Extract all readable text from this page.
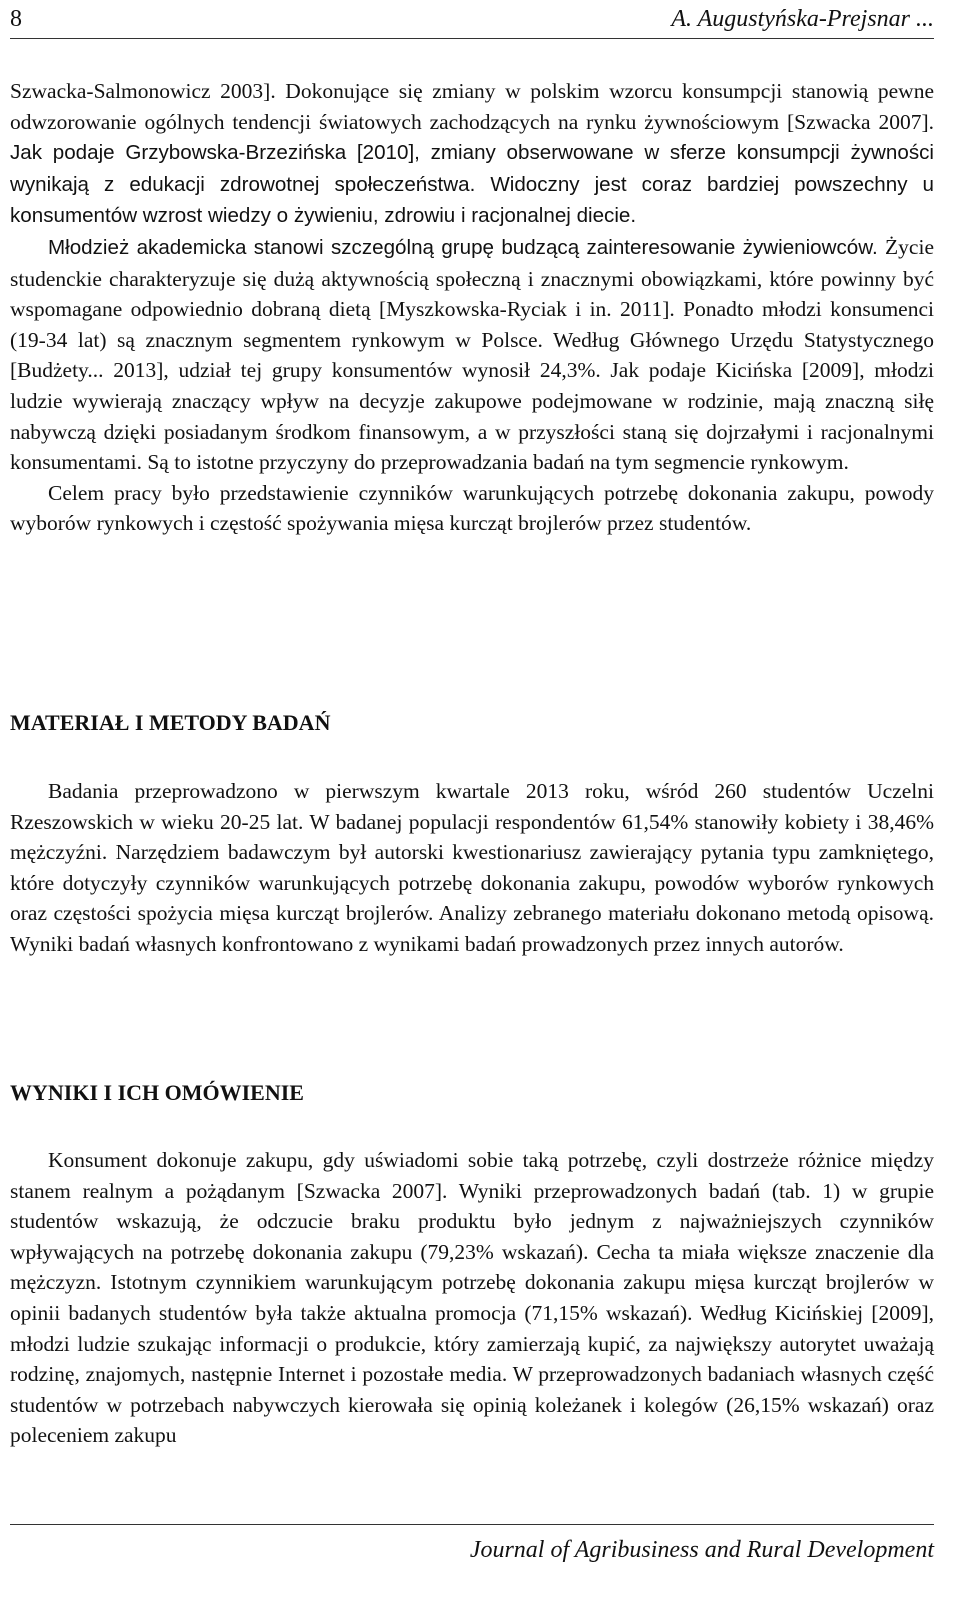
8	A. Augustyńska-Prejsnar ...

Szwacka-Salmonowicz 2003]. Dokonujące się zmiany w polskim wzorcu konsumpcji stanowią pewne odwzorowanie ogólnych tendencji światowych zachodzących na rynku żywnościowym [Szwacka 2007]. Jak podaje Grzybowska-Brzezińska [2010], zmiany obserwowane w sferze konsumpcji żywności wynikają z edukacji zdrowotnej społeczeństwa. Widoczny jest coraz bardziej powszechny u konsumentów wzrost wiedzy o żywieniu, zdrowiu i racjonalnej diecie.

Młodzież akademicka stanowi szczególną grupę budzącą zainteresowanie żywieniowców. Życie studenckie charakteryzuje się dużą aktywnością społeczną i znacznymi obowiązkami, które powinny być wspomagane odpowiednio dobraną dietą [Myszkowska-Ryciak i in. 2011]. Ponadto młodzi konsumenci (19-34 lat) są znacznym segmentem rynkowym w Polsce. Według Głównego Urzędu Statystycznego [Budżety... 2013], udział tej grupy konsumentów wynosił 24,3%. Jak podaje Kicińska [2009], młodzi ludzie wywierają znaczący wpływ na decyzje zakupowe podejmowane w rodzinie, mają znaczną siłę nabywczą dzięki posiadanym środkom finansowym, a w przyszłości staną się dojrzałymi i racjonalnymi konsumentami. Są to istotne przyczyny do przeprowadzania badań na tym segmencie rynkowym.

Celem pracy było przedstawienie czynników warunkujących potrzebę dokonania zakupu, powody wyborów rynkowych i częstość spożywania mięsa kurcząt brojlerów przez studentów.

MATERIAŁ I METODY BADAŃ

Badania przeprowadzono w pierwszym kwartale 2013 roku, wśród 260 studentów Uczelni Rzeszowskich w wieku 20-25 lat. W badanej populacji respondentów 61,54% stanowiły kobiety i 38,46% mężczyźni. Narzędziem badawczym był autorski kwestionariusz zawierający pytania typu zamkniętego, które dotyczyły czynników warunkujących potrzebę dokonania zakupu, powodów wyborów rynkowych oraz częstości spożycia mięsa kurcząt brojlerów. Analizy zebranego materiału dokonano metodą opisową. Wyniki badań własnych konfrontowano z wynikami badań prowadzonych przez innych autorów.

WYNIKI I ICH OMÓWIENIE

Konsument dokonuje zakupu, gdy uświadomi sobie taką potrzebę, czyli dostrzeże różnice między stanem realnym a pożądanym [Szwacka 2007]. Wyniki przeprowadzonych badań (tab. 1) w grupie studentów wskazują, że odczucie braku produktu było jednym z najważniejszych czynników wpływających na potrzebę dokonania zakupu (79,23% wskazań). Cecha ta miała większe znaczenie dla mężczyzn. Istotnym czynnikiem warunkującym potrzebę dokonania zakupu mięsa kurcząt brojlerów w opinii badanych studentów była także aktualna promocja (71,15% wskazań). Według Kicińskiej [2009], młodzi ludzie szukając informacji o produkcie, który zamierzają kupić, za największy autorytet uważają rodzinę, znajomych, następnie Internet i pozostałe media. W przeprowadzonych badaniach własnych część studentów w potrzebach nabywczych kierowała się opinią koleżanek i kolegów (26,15% wskazań) oraz poleceniem zakupu

Journal of Agribusiness and Rural Development
